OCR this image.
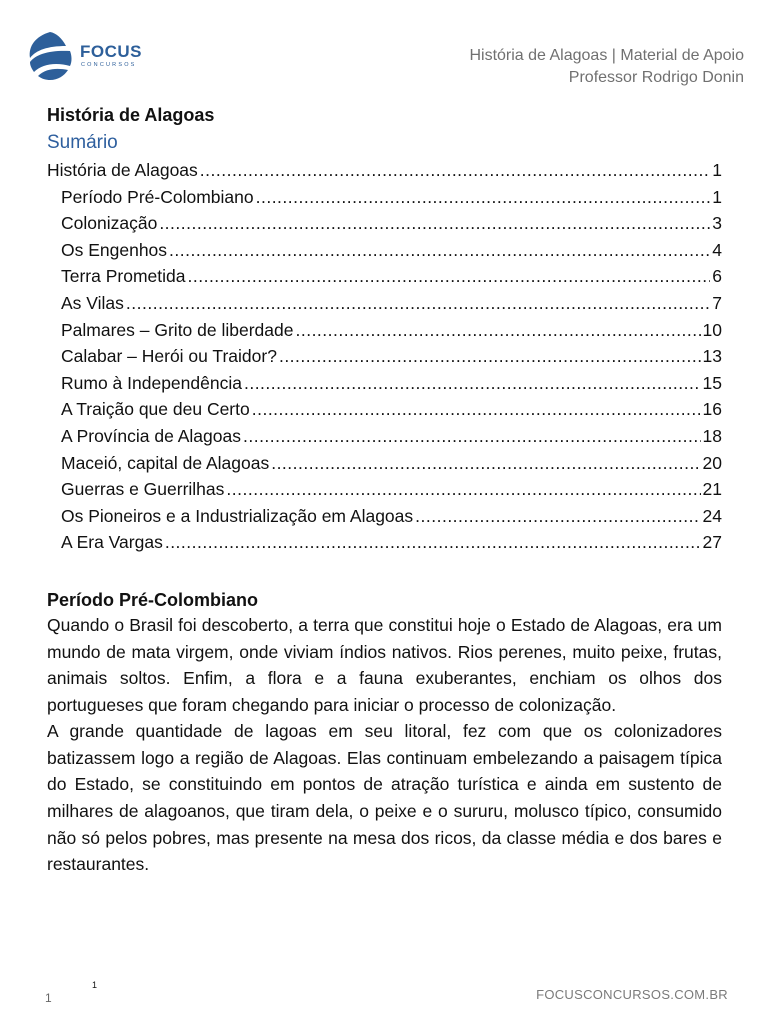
FOCUS
CONCURSOS
História de Alagoas | Material de Apoio
Professor Rodrigo Donin
História de Alagoas
Sumário
História de Alagoas .....	1
Período Pré-Colombiano .....	1
Colonização .....	3
Os Engenhos .....	4
Terra Prometida .....	6
As Vilas .....	7
Palmares – Grito de liberdade .....	10
Calabar – Herói ou Traidor? .....	13
Rumo à Independência .....	15
A Traição que deu Certo .....	16
A Província de Alagoas .....	18
Maceió, capital de Alagoas .....	20
Guerras e Guerrilhas .....	21
Os Pioneiros e a Industrialização em Alagoas .....	24
A Era Vargas .....	27
Período Pré-Colombiano

Quando o Brasil foi descoberto, a terra que constitui hoje o Estado de Alagoas, era um mundo de mata virgem, onde viviam índios nativos. Rios perenes, muito peixe, frutas, animais soltos. Enfim, a flora e a fauna exuberantes, enchiam os olhos dos portugueses que foram chegando para iniciar o processo de colonização.

A grande quantidade de lagoas em seu litoral, fez com que os colonizadores batizassem logo a região de Alagoas. Elas continuam embelezando a paisagem típica do Estado, se constituindo em pontos de atração turística e ainda em sustento de milhares de alagoanos, que tiram dela, o peixe e o sururu, molusco típico, consumido não só pelos pobres, mas presente na mesa dos ricos, da classe média e dos bares e restaurantes.

1
1	FOCUSCONCURSOS.COM.BR
